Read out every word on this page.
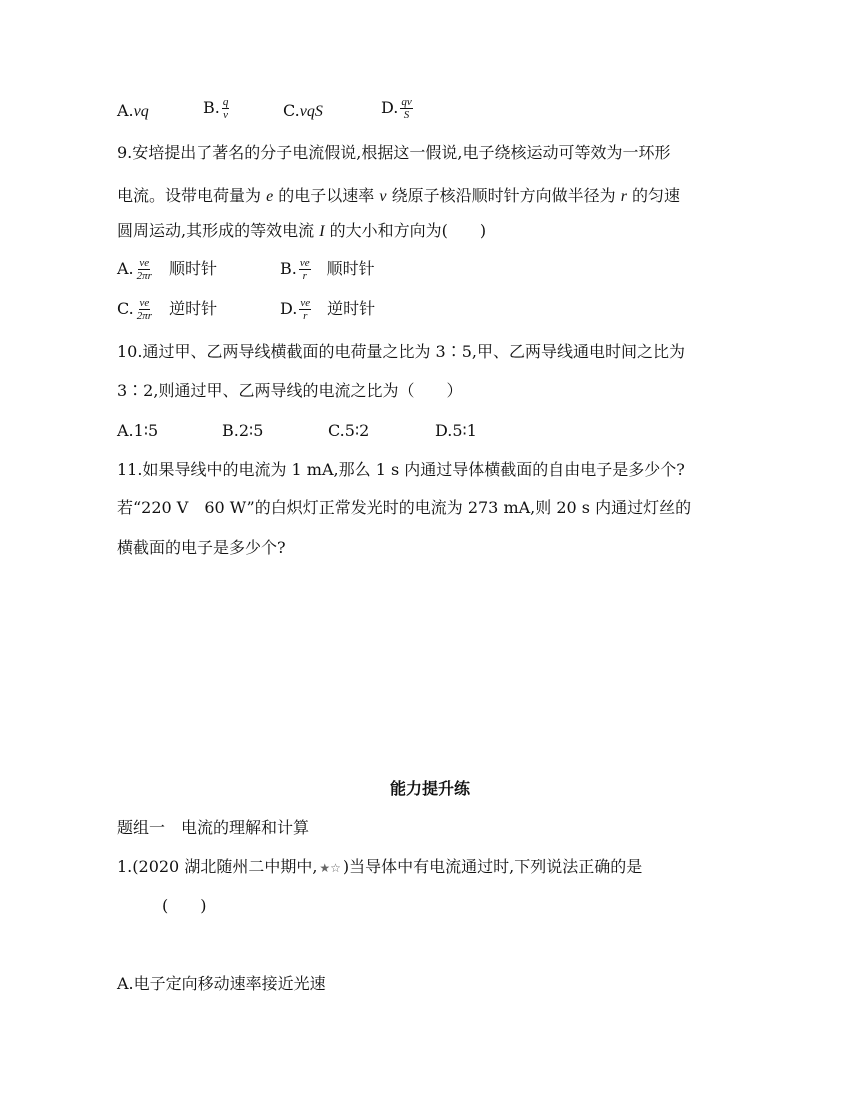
A.vq	B. $\frac{q}{v}$	C.vqS	D. $\frac{qv}{S}$
9.安培提出了著名的分子电流假说,根据这一假说,电子绕核运动可等效为一环形
电流。设带电荷量为 e 的电子以速率 v 绕原子核沿顺时针方向做半径为 r 的匀速
圆周运动,其形成的等效电流 I 的大小和方向为(　　)
A. $\frac{ve}{2\pi r}$ 顺时针	B. $\frac{ve}{r}$ 顺时针
C. $\frac{ve}{2\pi r}$ 逆时针	D. $\frac{ve}{r}$ 逆时针
10.通过甲、乙两导线横截面的电荷量之比为 3∶5,甲、乙两导线通电时间之比为
3∶2,则通过甲、乙两导线的电流之比为（　　）
A.1∶5	B.2∶5	C.5∶2	D.5∶1
11.如果导线中的电流为 1 mA,那么 1 s 内通过导体横截面的自由电子是多少个?
若“220 V　60 W”的白炽灯正常发光时的电流为 273 mA,则 20 s 内通过灯丝的
横截面的电子是多少个?
能力提升练
题组一　电流的理解和计算
1.(2020 湖北随州二中期中, ★☆ )当导体中有电流通过时,下列说法正确的是
(　　)
A.电子定向移动速率接近光速
